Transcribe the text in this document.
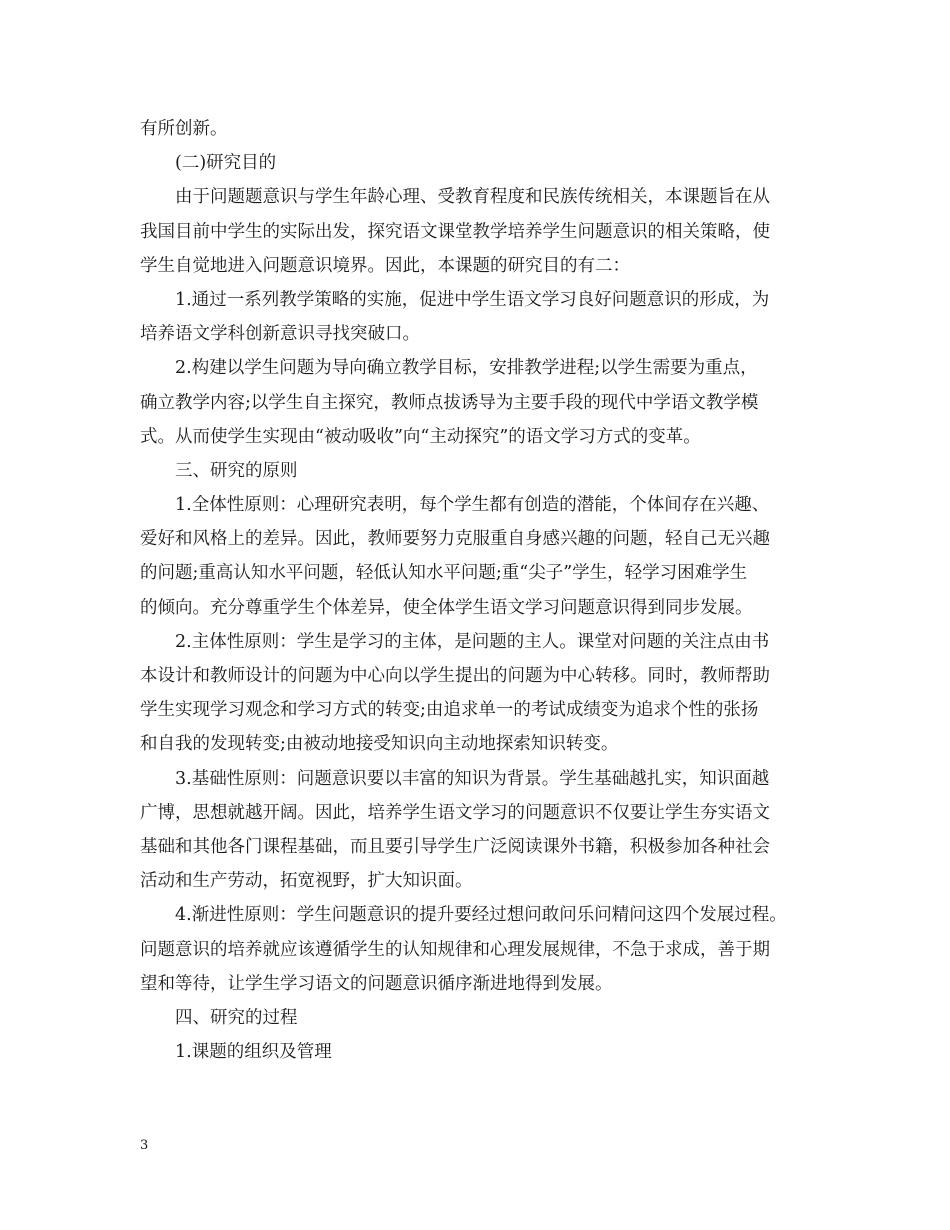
有所创新。
(二)研究目的
由于问题题意识与学生年龄心理、受教育程度和民族传统相关，本课题旨在从
我国目前中学生的实际出发，探究语文课堂教学培养学生问题意识的相关策略，使
学生自觉地进入问题意识境界。因此，本课题的研究目的有二：
1.通过一系列教学策略的实施，促进中学生语文学习良好问题意识的形成，为
培养语文学科创新意识寻找突破口。
2.构建以学生问题为导向确立教学目标，安排教学进程;以学生需要为重点，
确立教学内容;以学生自主探究，教师点拔诱导为主要手段的现代中学语文教学模
式。从而使学生实现由“被动吸收”向“主动探究”的语文学习方式的变革。
三、研究的原则
1.全体性原则：心理研究表明，每个学生都有创造的潜能，个体间存在兴趣、
爱好和风格上的差异。因此，教师要努力克服重自身感兴趣的问题，轻自己无兴趣
的问题;重高认知水平问题，轻低认知水平问题;重“尖子”学生，轻学习困难学生
的倾向。充分尊重学生个体差异，使全体学生语文学习问题意识得到同步发展。
2.主体性原则：学生是学习的主体，是问题的主人。课堂对问题的关注点由书
本设计和教师设计的问题为中心向以学生提出的问题为中心转移。同时，教师帮助
学生实现学习观念和学习方式的转变;由追求单一的考试成绩变为追求个性的张扬
和自我的发现转变;由被动地接受知识向主动地探索知识转变。
3.基础性原则：问题意识要以丰富的知识为背景。学生基础越扎实，知识面越
广博，思想就越开阔。因此，培养学生语文学习的问题意识不仅要让学生夯实语文
基础和其他各门课程基础，而且要引导学生广泛阅读课外书籍，积极参加各种社会
活动和生产劳动，拓宽视野，扩大知识面。
4.渐进性原则：学生问题意识的提升要经过想问敢问乐问精问这四个发展过程。
问题意识的培养就应该遵循学生的认知规律和心理发展规律，不急于求成，善于期
望和等待，让学生学习语文的问题意识循序渐进地得到发展。
四、研究的过程
1.课题的组织及管理
3
